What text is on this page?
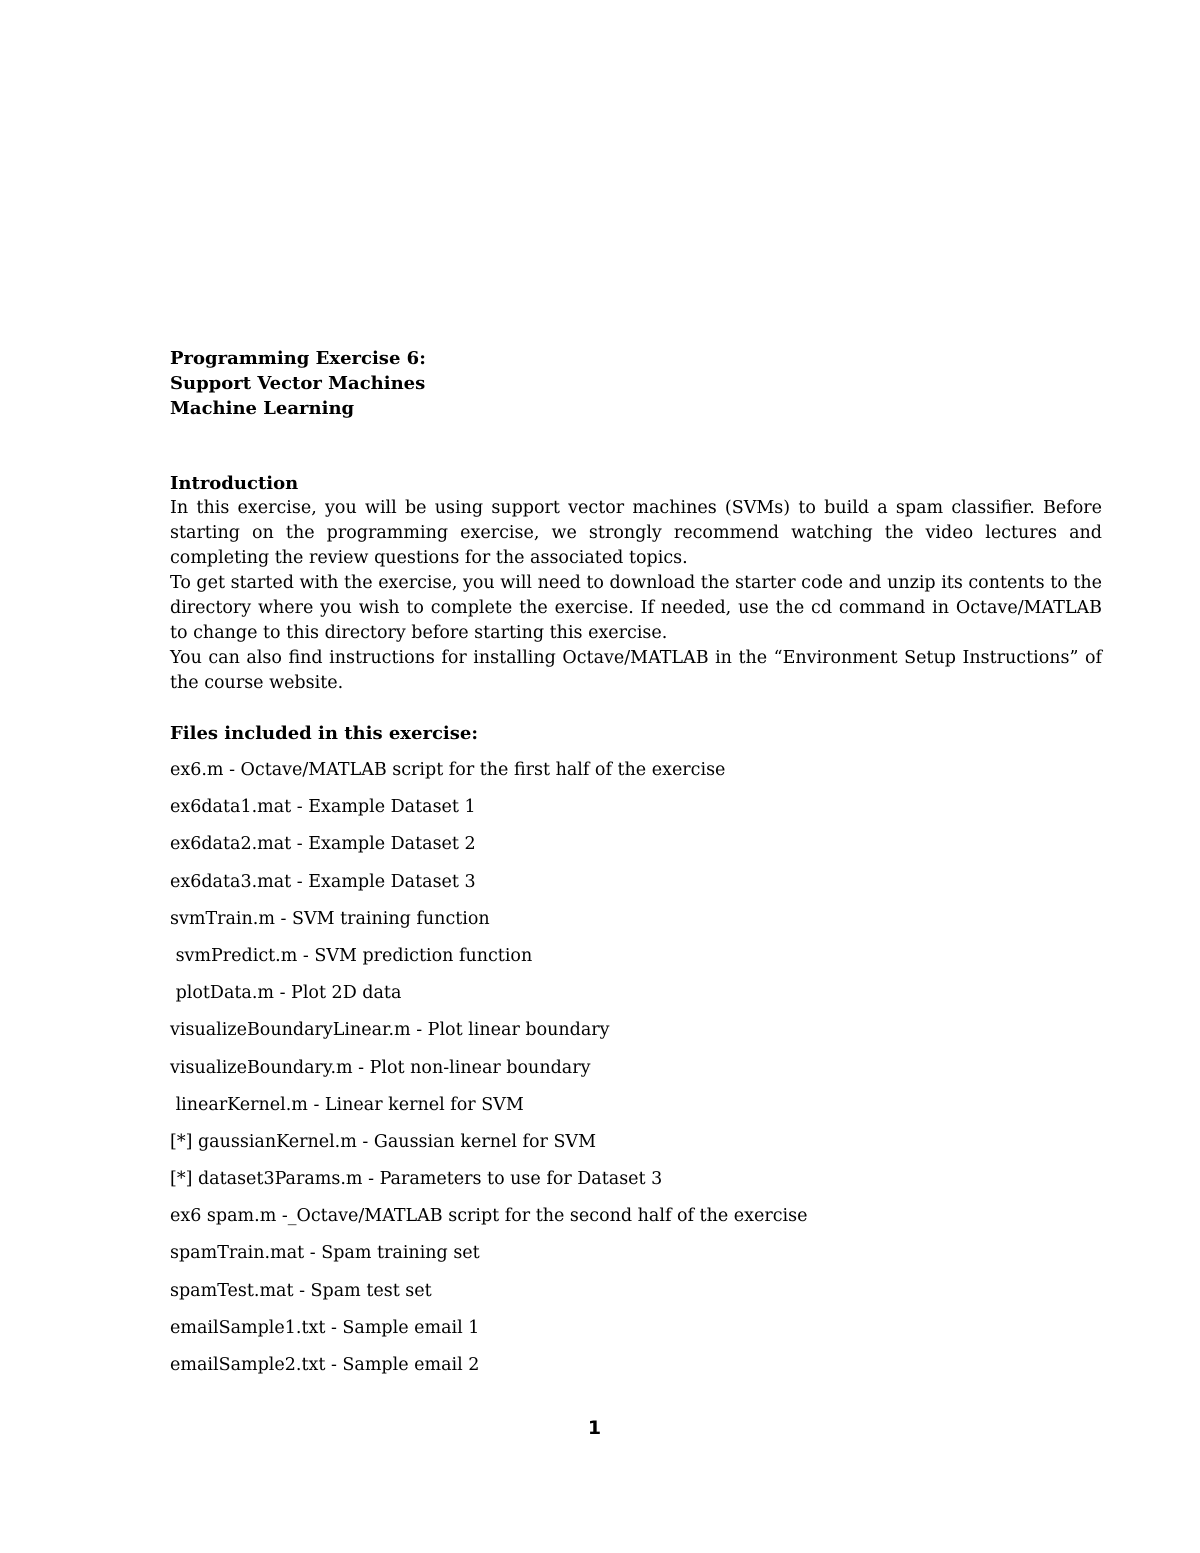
Programming Exercise 6:

Support Vector Machines

Machine Learning

Introduction

In this exercise, you will be using support vector machines (SVMs) to build a spam classifier. Before starting on the programming exercise, we strongly recommend watching the video lectures and completing the review questions for the associated topics.

To get started with the exercise, you will need to download the starter code and unzip its contents to the directory where you wish to complete the exercise. If needed, use the cd command in Octave/MATLAB to change to this directory before starting this exercise.

You can also find instructions for installing Octave/MATLAB in the “Environment Setup Instructions” of the course website.

Files included in this exercise:

ex6.m - Octave/MATLAB script for the first half of the exercise
ex6data1.mat - Example Dataset 1
ex6data2.mat - Example Dataset 2
ex6data3.mat - Example Dataset 3
svmTrain.m - SVM training function
svmPredict.m - SVM prediction function
plotData.m - Plot 2D data
visualizeBoundaryLinear.m - Plot linear boundary
visualizeBoundary.m - Plot non-linear boundary
linearKernel.m - Linear kernel for SVM
[*] gaussianKernel.m - Gaussian kernel for SVM
[*] dataset3Params.m - Parameters to use for Dataset 3
ex6 spam.m -_Octave/MATLAB script for the second half of the exercise
spamTrain.mat - Spam training set
spamTest.mat - Spam test set
emailSample1.txt - Sample email 1
emailSample2.txt - Sample email 2
1
